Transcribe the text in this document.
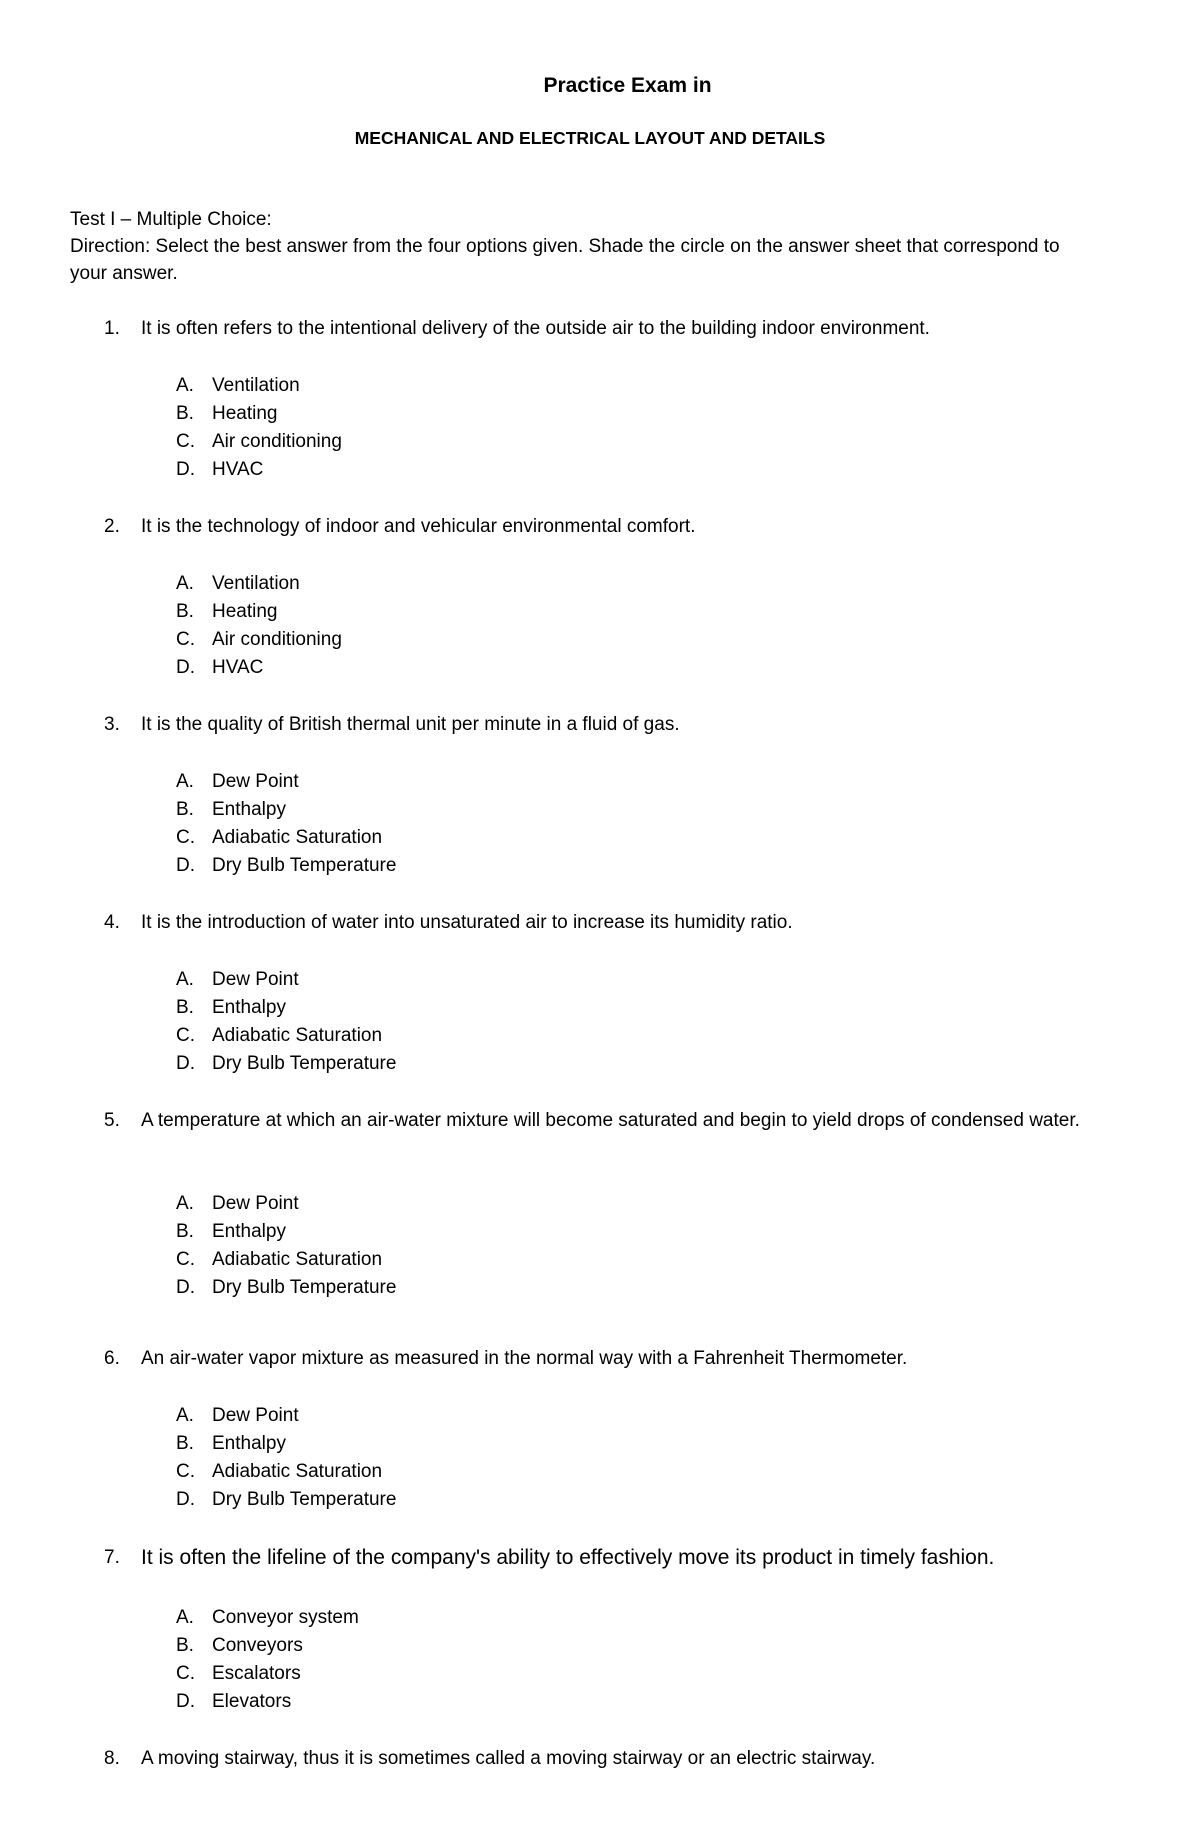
Practice Exam in
MECHANICAL AND ELECTRICAL LAYOUT AND DETAILS

Test I – Multiple Choice:

Direction: Select the best answer from the four options given. Shade the circle on the answer sheet that correspond to your answer.

1. It is often refers to the intentional delivery of the outside air to the building indoor environment.
A. Ventilation
B. Heating
C. Air conditioning
D. HVAC
2. It is the technology of indoor and vehicular environmental comfort.
A. Ventilation
B. Heating
C. Air conditioning
D. HVAC
3. It is the quality of British thermal unit per minute in a fluid of gas.
A. Dew Point
B. Enthalpy
C. Adiabatic Saturation
D. Dry Bulb Temperature
4. It is the introduction of water into unsaturated air to increase its humidity ratio.
A. Dew Point
B. Enthalpy
C. Adiabatic Saturation
D. Dry Bulb Temperature
5. A temperature at which an air-water mixture will become saturated and begin to yield drops of condensed water.
A. Dew Point
B. Enthalpy
C. Adiabatic Saturation
D. Dry Bulb Temperature
6. An air-water vapor mixture as measured in the normal way with a Fahrenheit Thermometer.
A. Dew Point
B. Enthalpy
C. Adiabatic Saturation
D. Dry Bulb Temperature
7. It is often the lifeline of the company's ability to effectively move its product in timely fashion.
A. Conveyor system
B. Conveyors
C. Escalators
D. Elevators
8. A moving stairway, thus it is sometimes called a moving stairway or an electric stairway.
